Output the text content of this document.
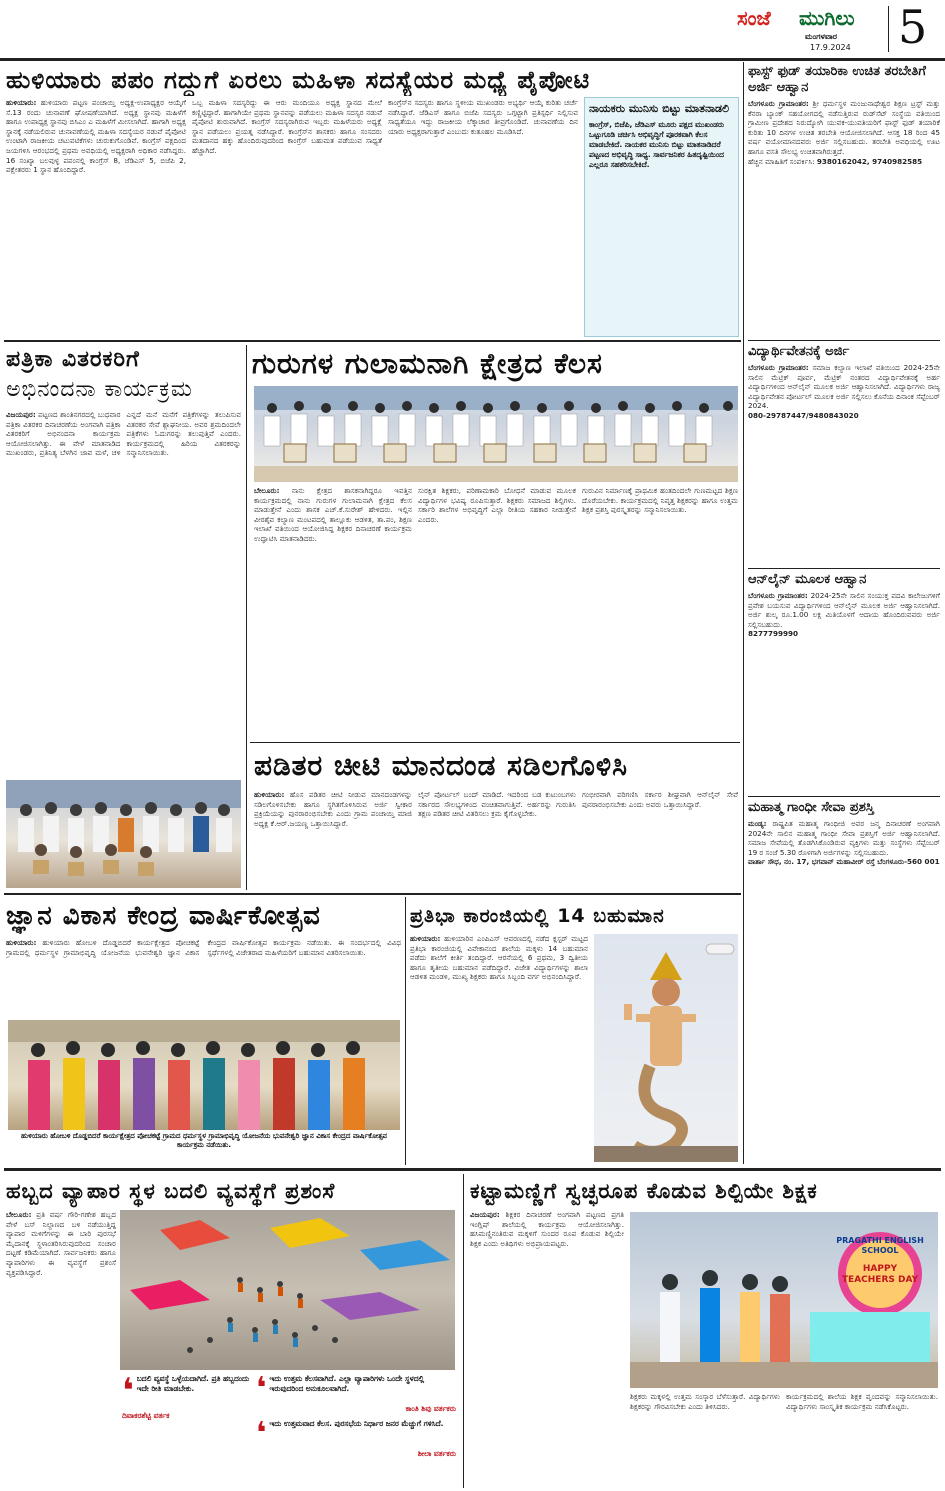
ಸಂಜೆ ಮುಗಿಲು
ಮಂಗಳವಾರ
17.9.2024 5
ಹುಳಿಯಾರು ಪಪಂ ಗದ್ದುಗೆ ಏರಲು ಮಹಿಳಾ ಸದಸ್ಯೆಯರ ಮಧ್ಯೆ ಪೈಪೋಟಿ
ಹುಳಿಯಾರು: ಹುಳಿಯಾರು ಪಟ್ಟಣ ಪಂಚಾಯ್ತಿ ಅಧ್ಯಕ್ಷ-ಉಪಾಧ್ಯಕ್ಷರ ಆಯ್ಕೆಗೆ ಸೆ.13 ರಂದು ಚುನಾವಣೆ ಘೋಷಣೆಯಾಗಿದೆ. ಅಧ್ಯಕ್ಷ ಸ್ಥಾನವು ಮಹಿಳೆಗೆ ಹಾಗೂ ಉಪಾಧ್ಯಕ್ಷ ಸ್ಥಾನವು ಬಿಸಿಎಂ ಎ ಮಹಿಳೆಗೆ ಮೀಸಲಾಗಿದೆ. ಹಾಗಾಗಿ ಅಧ್ಯಕ್ಷ ಸ್ಥಾನಕ್ಕೆ ನಡೆಯಲಿರುವ ಚುನಾವಣೆಯಲ್ಲಿ ಮಹಿಳಾ ಸದಸ್ಯೆಯರ ನಡುವೆ ಪೈಪೋಟಿ ಉಂಟಾಗಿ ರಾಜಕೀಯ ಚಟುವಟಿಕೆಗಳು ಚುರುಕುಗೊಂಡಿವೆ. ಕಾಂಗ್ರೆಸ್ ಪಕ್ಷದಿಂದ ಜಯಗಳಿಸಿ ಆರಂಭದಲ್ಲಿ ಪ್ರಥಮ ಅವಧಿಯಲ್ಲಿ ಅಧ್ಯಕ್ಷರಾಗಿ ಅಧಿಕಾರ ನಡೆಸಿದ್ದರು. 16 ಸಂಖ್ಯಾ ಬಲವುಳ್ಳ ಪಪಂನಲ್ಲಿ ಕಾಂಗ್ರೆಸ್ 8, ಜೆಡಿಎಸ್ 5, ಬಿಜೆಪಿ 2, ಪಕ್ಷೇತರರು 1 ಸ್ಥಾನ ಹೊಂದಿದ್ದಾರೆ.
ಒಬ್ಬ ಮಹಿಳಾ ಸದಸ್ಯರಿದ್ದು ಈ ಆರು ಮಂದಿಯೂ ಅಧ್ಯಕ್ಷ ಸ್ಥಾನದ ಮೇಲೆ ಕಣ್ಣಿಟ್ಟಿದ್ದಾರೆ. ಹಾಗಾಗಿಯೇ ಪ್ರಥಮ ಸ್ಥಾನವನ್ನು ಪಡೆಯಲು ಮಹಿಳಾ ಸದಸ್ಯರ ನಡುವೆ ಪೈಪೋಟಿ ಶುರುವಾಗಿದೆ. ಕಾಂಗ್ರೆಸ್ ಸದಸ್ಯರಾಗಿರುವ ಇಬ್ಬರು ಮಹಿಳೆಯರು ಅಧ್ಯಕ್ಷೆ ಸ್ಥಾನ ಪಡೆಯಲು ಪ್ರಯತ್ನ ನಡೆಸಿದ್ದಾರೆ. ಕಾಂಗ್ರೆಸ್‌ನ ಶಾಸಕರು ಹಾಗೂ ಸಂಸದರು ಮತದಾನದ ಹಕ್ಕು ಹೊಂದಿರುವುದರಿಂದ ಕಾಂಗ್ರೆಸ್ ಬಹುಮತ ಪಡೆಯುವ ಸಾಧ್ಯತೆ ಹೆಚ್ಚಾಗಿದೆ.
ಕಾಂಗ್ರೆಸ್‌ನ ಸದಸ್ಯರು ಹಾಗೂ ಸ್ಥಳೀಯ ಮುಖಂಡರು ಅಭ್ಯರ್ಥಿ ಆಯ್ಕೆ ಕುರಿತು ಚರ್ಚೆ ನಡೆಸಿದ್ದಾರೆ. ಜೆಡಿಎಸ್ ಹಾಗೂ ಬಿಜೆಪಿ ಸದಸ್ಯರು ಒಗ್ಗಟ್ಟಾಗಿ ಪ್ರತಿಸ್ಪರ್ಧಿ ನಿಲ್ಲಿಸುವ ಸಾಧ್ಯತೆಯೂ ಇದ್ದು ರಾಜಕೀಯ ಲೆಕ್ಕಾಚಾರ ತೀವ್ರಗೊಂಡಿದೆ. ಚುನಾವಣೆಯ ದಿನ ಯಾರು ಅಧ್ಯಕ್ಷರಾಗುತ್ತಾರೆ ಎಂಬುದು ಕುತೂಹಲ ಮೂಡಿಸಿದೆ.
ನಾಯಕರು ಮುನಿಸು ಬಿಟ್ಟು ಮಾತನಾಡಲಿ
ಕಾಂಗ್ರೆಸ್, ಬಿಜೆಪಿ, ಜೆಡಿಎಸ್ ಮೂರು ಪಕ್ಷದ ಮುಖಂಡರು ಒಟ್ಟುಗೂಡಿ ಚರ್ಚಿಸಿ ಅಭಿವೃದ್ಧಿಗೆ ಪೂರಕವಾಗಿ ಕೆಲಸ ಮಾಡಬೇಕಿದೆ. ನಾಯಕರ ಮುನಿಸು ಬಿಟ್ಟು ಮಾತನಾಡಿದರೆ ಪಟ್ಟಣದ ಅಭಿವೃದ್ಧಿ ಸಾಧ್ಯ. ಸಾರ್ವಜನಿಕರ ಹಿತದೃಷ್ಟಿಯಿಂದ ಎಲ್ಲರೂ ಸಹಕರಿಸಬೇಕಿದೆ.
ಫಾಸ್ಟ್ ಫುಡ್ ತಯಾರಿಕಾ ಉಚಿತ ತರಬೇತಿಗೆ ಅರ್ಜಿ ಆಹ್ವಾನ
ಬೆಂಗಳೂರು ಗ್ರಾಮಾಂತರ: ಶ್ರೀ ಧರ್ಮಸ್ಥಳ ಮಂಜುನಾಥೇಶ್ವರ ಶಿಕ್ಷಣ ಟ್ರಸ್ಟ್ ಮತ್ತು ಕೆನರಾ ಬ್ಯಾಂಕ್ ಸಹಯೋಗದಲ್ಲಿ ನಡೆಸುತ್ತಿರುವ ರುಡ್‌ಸೆಟ್ ಸಂಸ್ಥೆಯ ವತಿಯಿಂದ ಗ್ರಾಮೀಣ ಪ್ರದೇಶದ ನಿರುದ್ಯೋಗಿ ಯುವಕ-ಯುವತಿಯರಿಗೆ ಫಾಸ್ಟ್ ಫುಡ್ ತಯಾರಿಕೆ ಕುರಿತು 10 ದಿನಗಳ ಉಚಿತ ತರಬೇತಿ ಆಯೋಜಿಸಲಾಗಿದೆ. ಆಸಕ್ತ 18 ರಿಂದ 45 ವರ್ಷ ವಯೋಮಾನದವರು ಅರ್ಜಿ ಸಲ್ಲಿಸಬಹುದು. ತರಬೇತಿ ಅವಧಿಯಲ್ಲಿ ಊಟ ಹಾಗೂ ವಸತಿ ಸೌಲಭ್ಯ ಉಚಿತವಾಗಿರುತ್ತದೆ.

ಹೆಚ್ಚಿನ ಮಾಹಿತಿಗೆ ಸಂಪರ್ಕಿಸಿ: 9380162042, 9740982585

ವಿದ್ಯಾರ್ಥಿವೇತನಕ್ಕೆ ಅರ್ಜಿ
ಬೆಂಗಳೂರು ಗ್ರಾಮಾಂತರ: ಸಮಾಜ ಕಲ್ಯಾಣ ಇಲಾಖೆ ವತಿಯಿಂದ 2024-25ನೇ ಸಾಲಿನ ಮೆಟ್ರಿಕ್ ಪೂರ್ವ, ಮೆಟ್ರಿಕ್ ನಂತರದ ವಿದ್ಯಾರ್ಥಿವೇತನಕ್ಕೆ ಅರ್ಹ ವಿದ್ಯಾರ್ಥಿಗಳಿಂದ ಆನ್‌ಲೈನ್ ಮೂಲಕ ಅರ್ಜಿ ಆಹ್ವಾನಿಸಲಾಗಿದೆ. ವಿದ್ಯಾರ್ಥಿಗಳು ರಾಜ್ಯ ವಿದ್ಯಾರ್ಥಿವೇತನ ಪೋರ್ಟಲ್ ಮೂಲಕ ಅರ್ಜಿ ಸಲ್ಲಿಸಲು ಕೊನೆಯ ದಿನಾಂಕ ಸೆಪ್ಟೆಂಬರ್ 2024.

080-29787447/9480843020

ಆನ್‌ಲೈನ್ ಮೂಲಕ ಆಹ್ವಾನ
ಬೆಂಗಳೂರು ಗ್ರಾಮಾಂತರ: 2024-25ನೇ ಸಾಲಿನ ಸಂಯುಕ್ತ ಪದವಿ ಕಾಲೇಜುಗಳಿಗೆ ಪ್ರವೇಶ ಬಯಸುವ ವಿದ್ಯಾರ್ಥಿಗಳಿಂದ ಆನ್‌ಲೈನ್ ಮೂಲಕ ಅರ್ಜಿ ಆಹ್ವಾನಿಸಲಾಗಿದೆ. ಅರ್ಜಿ ಶುಲ್ಕ ರೂ.1.00 ಲಕ್ಷ ಮಿತಿಯೊಳಗೆ ಆದಾಯ ಹೊಂದಿರುವವರು ಅರ್ಜಿ ಸಲ್ಲಿಸಬಹುದು.

8277799990

ಮಹಾತ್ಮ ಗಾಂಧೀ ಸೇವಾ ಪ್ರಶಸ್ತಿ
ಮಂಡ್ಯ: ರಾಷ್ಟ್ರಪಿತ ಮಹಾತ್ಮ ಗಾಂಧೀಜಿ ಅವರ ಜನ್ಮ ದಿನಾಚರಣೆ ಅಂಗವಾಗಿ 2024ನೇ ಸಾಲಿನ ಮಹಾತ್ಮ ಗಾಂಧೀ ಸೇವಾ ಪ್ರಶಸ್ತಿಗೆ ಅರ್ಜಿ ಆಹ್ವಾನಿಸಲಾಗಿದೆ. ಸಮಾಜ ಸೇವೆಯಲ್ಲಿ ತೊಡಗಿಸಿಕೊಂಡಿರುವ ವ್ಯಕ್ತಿಗಳು ಮತ್ತು ಸಂಸ್ಥೆಗಳು ಸೆಪ್ಟೆಂಬರ್ 19 ರ ಸಂಜೆ 5.30 ರೊಳಗಾಗಿ ಅರ್ಜಿಗಳನ್ನು ಸಲ್ಲಿಸಬಹುದು.

ವಾರ್ತಾ ಸೌಧ, ನಂ. 17, ಭಗವಾನ್ ಮಹಾವೀರ್ ರಸ್ತೆ ಬೆಂಗಳೂರು-560 001

ಪತ್ರಿಕಾ ವಿತರಕರಿಗೆ
ಅಭಿನಂದನಾ ಕಾರ್ಯಕ್ರಮ
ವಿಜಯಪುರ: ಪಟ್ಟಣದ ಶಾಂತಿನಗರದಲ್ಲಿ ಬುಧವಾರ ಪತ್ರಿಕಾ ವಿತರಕರ ದಿನಾಚರಣೆಯ ಅಂಗವಾಗಿ ಪತ್ರಿಕಾ ವಿತರಕರಿಗೆ ಅಭಿನಂದನಾ ಕಾರ್ಯಕ್ರಮ ಆಯೋಜಿಸಲಾಗಿತ್ತು. ಈ ವೇಳೆ ಮಾತನಾಡಿದ ಮುಖಂಡರು, ಪ್ರತಿನಿತ್ಯ ಬೆಳಗಿನ ಜಾವ ಮಳೆ, ಚಳಿ ಎನ್ನದೆ ಮನೆ ಮನೆಗೆ ಪತ್ರಿಕೆಗಳನ್ನು ತಲುಪಿಸುವ ವಿತರಕರ ಸೇವೆ ಶ್ಲಾಘನೀಯ. ಅವರ ಶ್ರಮದಿಂದಲೇ ಪತ್ರಿಕೆಗಳು ಓದುಗರನ್ನು ತಲುಪುತ್ತಿವೆ ಎಂದರು. ಕಾರ್ಯಕ್ರಮದಲ್ಲಿ ಹಿರಿಯ ವಿತರಕರನ್ನು ಸನ್ಮಾನಿಸಲಾಯಿತು.
ಗುರುಗಳ ಗುಲಾಮನಾಗಿ ಕ್ಷೇತ್ರದ ಕೆಲಸ
ಬೇಲೂರು: ನಾನು ಕ್ಷೇತ್ರದ ಶಾಸಕನಾಗಿದ್ದರೂ ಇವತ್ತಿನ ಕಾರ್ಯಕ್ರಮದಲ್ಲಿ ನಾನು ಗುರುಗಳ ಗುಲಾಮನಾಗಿ ಕ್ಷೇತ್ರದ ಕೆಲಸ ಮಾಡುತ್ತೇನೆ ಎಂದು ಶಾಸಕ ಎಚ್.ಕೆ.ಸುರೇಶ್ ಹೇಳಿದರು. ಇಲ್ಲಿನ ವೀರಶೈವ ಕಲ್ಯಾಣ ಮಂಟಪದಲ್ಲಿ ತಾಲ್ಲೂಕು ಆಡಳಿತ, ತಾ.ಪಂ, ಶಿಕ್ಷಣ ಇಲಾಖೆ ವತಿಯಿಂದ ಆಯೋಜಿಸಿದ್ದ ಶಿಕ್ಷಕರ ದಿನಾಚರಣೆ ಕಾರ್ಯಕ್ರಮ ಉದ್ಘಾಟಿಸಿ ಮಾತನಾಡಿದರು.
ಸುರಕ್ಷಿತ ಶಿಕ್ಷಕರು, ಪರಿಣಾಮಕಾರಿ ಬೋಧನೆ ಮಾಡುವ ಮೂಲಕ ವಿದ್ಯಾರ್ಥಿಗಳ ಭವಿಷ್ಯ ರೂಪಿಸುತ್ತಾರೆ. ಶಿಕ್ಷಕರು ಸಮಾಜದ ಶಿಲ್ಪಿಗಳು. ಸರ್ಕಾರಿ ಶಾಲೆಗಳ ಅಭಿವೃದ್ಧಿಗೆ ಎಲ್ಲಾ ರೀತಿಯ ಸಹಕಾರ ನೀಡುತ್ತೇನೆ ಎಂದರು.
ಗುರುವಿನ ನಿರ್ಮಾಣಕ್ಕೆ ಪ್ರಾಥಮಿಕ ಹಂತದಿಂದಲೇ ಗುಣಮಟ್ಟದ ಶಿಕ್ಷಣ ದೊರೆಯಬೇಕು. ಕಾರ್ಯಕ್ರಮದಲ್ಲಿ ನಿವೃತ್ತ ಶಿಕ್ಷಕರನ್ನು ಹಾಗೂ ಉತ್ತಮ ಶಿಕ್ಷಕ ಪ್ರಶಸ್ತಿ ಪುರಸ್ಕೃತರನ್ನು ಸನ್ಮಾನಿಸಲಾಯಿತು.
ಪಡಿತರ ಚೀಟಿ ಮಾನದಂಡ ಸಡಿಲಗೊಳಿಸಿ
ಹುಳಿಯಾರು: ಹೊಸ ಪಡಿತರ ಚೀಟಿ ನೀಡುವ ಮಾನದಂಡಗಳನ್ನು ಸಡಿಲಗೊಳಿಸಬೇಕು ಹಾಗೂ ಸ್ಥಗಿತಗೊಳಿಸಿರುವ ಅರ್ಜಿ ಸ್ವೀಕಾರ ಪ್ರಕ್ರಿಯೆಯನ್ನು ಪುನರಾರಂಭಿಸಬೇಕು ಎಂದು ಗ್ರಾಮ ಪಂಚಾಯ್ತಿ ಮಾಜಿ ಅಧ್ಯಕ್ಷ ಕೆ.ಆರ್.ಜಯಣ್ಣ ಒತ್ತಾಯಿಸಿದ್ದಾರೆ.
ಲೈನ್ ಪೋರ್ಟಲ್ ಬಂದ್ ಮಾಡಿದೆ. ಇದರಿಂದ ಬಡ ಕುಟುಂಬಗಳು ಸರ್ಕಾರದ ಸೌಲಭ್ಯಗಳಿಂದ ವಂಚಿತವಾಗುತ್ತಿವೆ. ಅರ್ಹರನ್ನು ಗುರುತಿಸಿ ತಕ್ಷಣ ಪಡಿತರ ಚೀಟಿ ವಿತರಿಸಲು ಕ್ರಮ ಕೈಗೊಳ್ಳಬೇಕು.
ಗಂಭೀರವಾಗಿ ಪರಿಗಣಿಸಿ ಸರ್ಕಾರ ಶೀಘ್ರವಾಗಿ ಆನ್‌ಲೈನ್ ಸೇವೆ ಪುನರಾರಂಭಿಸಬೇಕು ಎಂದು ಅವರು ಒತ್ತಾಯಿಸಿದ್ದಾರೆ.
ಜ್ಞಾನ ವಿಕಾಸ ಕೇಂದ್ರ ವಾರ್ಷಿಕೋತ್ಸವ
ಹುಳಿಯಾರು: ಹುಳಿಯಾರು ಹೋಬಳಿ ದೊಡ್ಡಬಿದರೆ ಕಾರ್ಯಕ್ಷೇತ್ರದ ಪೋಚಕಟ್ಟೆ ಗ್ರಾಮದಲ್ಲಿ ಧರ್ಮಸ್ಥಳ ಗ್ರಾಮಾಭಿವೃದ್ಧಿ ಯೋಜನೆಯ ಭುವನೇಶ್ವರಿ ಜ್ಞಾನ ವಿಕಾಸ ಕೇಂದ್ರದ ವಾರ್ಷಿಕೋತ್ಸವ ಕಾರ್ಯಕ್ರಮ ನಡೆಯಿತು. ಈ ಸಂದರ್ಭದಲ್ಲಿ ವಿವಿಧ ಸ್ಪರ್ಧೆಗಳಲ್ಲಿ ವಿಜೇತರಾದ ಮಹಿಳೆಯರಿಗೆ ಬಹುಮಾನ ವಿತರಿಸಲಾಯಿತು.
ಹುಳಿಯಾರು ಹೋಬಳಿ ದೊಡ್ಡಬಿದರೆ ಕಾರ್ಯಕ್ಷೇತ್ರದ ಪೋಚಕಟ್ಟೆ ಗ್ರಾಮದ ಧರ್ಮಸ್ಥಳ ಗ್ರಾಮಾಭಿವೃದ್ಧಿ ಯೋಜನೆಯ ಭುವನೇಶ್ವರಿ ಜ್ಞಾನ ವಿಕಾಸ ಕೇಂದ್ರದ ವಾರ್ಷಿಕೋತ್ಸವ ಕಾರ್ಯಕ್ರಮ ನಡೆಯಿತು.
ಪ್ರತಿಭಾ ಕಾರಂಜಿಯಲ್ಲಿ 14 ಬಹುಮಾನ
ಹುಳಿಯಾರು: ಹುಳಿಯಾರಿನ ಎಂಪಿಎಸ್ ಆವರಣದಲ್ಲಿ ನಡೆದ ಕ್ಲಸ್ಟರ್ ಮಟ್ಟದ ಪ್ರತಿಭಾ ಕಾರಂಜಿಯಲ್ಲಿ ವಿವೇಕಾನಂದ ಶಾಲೆಯ ಮಕ್ಕಳು 14 ಬಹುಮಾನ ಪಡೆದು ಶಾಲೆಗೆ ಕೀರ್ತಿ ತಂದಿದ್ದಾರೆ. ಆರನೆಯಲ್ಲಿ 6 ಪ್ರಥಮ, 3 ದ್ವಿತೀಯ ಹಾಗೂ ತೃತೀಯ ಬಹುಮಾನ ಪಡೆದಿದ್ದಾರೆ. ವಿಜೇತ ವಿದ್ಯಾರ್ಥಿಗಳನ್ನು ಶಾಲಾ ಆಡಳಿತ ಮಂಡಳಿ, ಮುಖ್ಯ ಶಿಕ್ಷಕರು ಹಾಗೂ ಸಿಬ್ಬಂದಿ ವರ್ಗ ಅಭಿನಂದಿಸಿದ್ದಾರೆ.
ಹಬ್ಬದ ವ್ಯಾಪಾರ ಸ್ಥಳ ಬದಲಿ ವ್ಯವಸ್ಥೆಗೆ ಪ್ರಶಂಸೆ
ಬೇಲೂರು: ಪ್ರತಿ ವರ್ಷ ಗೌರಿ-ಗಣೇಶ ಹಬ್ಬದ ವೇಳೆ ಬಸ್ ನಿಲ್ದಾಣದ ಬಳಿ ನಡೆಯುತ್ತಿದ್ದ ವ್ಯಾಪಾರ ಮಳಿಗೆಗಳನ್ನು ಈ ಬಾರಿ ಪುರಸಭೆ ಮೈದಾನಕ್ಕೆ ಸ್ಥಳಾಂತರಿಸಿರುವುದರಿಂದ ಸಂಚಾರ ದಟ್ಟಣೆ ಕಡಿಮೆಯಾಗಿದೆ. ಸಾರ್ವಜನಿಕರು ಹಾಗೂ ವ್ಯಾಪಾರಿಗಳು ಈ ವ್ಯವಸ್ಥೆಗೆ ಪ್ರಶಂಸೆ ವ್ಯಕ್ತಪಡಿಸಿದ್ದಾರೆ.
❛ ಬದಲಿ ವ್ಯವಸ್ಥೆ ಒಳ್ಳೆಯದಾಗಿದೆ. ಪ್ರತಿ ಹಬ್ಬದಂದು ಇದೇ ರೀತಿ ಮಾಡಬೇಕು.
ದಿವಾಕರಶೆಟ್ಟಿ ವರ್ತಕ
❛ ಇದು ಉತ್ತಮ ಕೆಲಸವಾಗಿದೆ. ಎಲ್ಲಾ ವ್ಯಾಪಾರಿಗಳು ಒಂದೇ ಸ್ಥಳದಲ್ಲಿ ಇರುವುದರಿಂದ ಅನುಕೂಲವಾಗಿದೆ.
ಕಾಂತಿ ಶಿವು ವರ್ತಕರು
❛ ಇದು ಉತ್ತಮವಾದ ಕೆಲಸ. ಪುರಸಭೆಯ ನಿರ್ಧಾರ ಜನರ ಮೆಚ್ಚುಗೆ ಗಳಿಸಿದೆ.
ಶೀಲಾ ವರ್ತಕರು
ಕಟ್ಟಾಮಣ್ಣಿಗೆ ಸ್ವಚ್ಛರೂಪ ಕೊಡುವ ಶಿಲ್ಪಿಯೇ ಶಿಕ್ಷಕ
ವಿಜಯಪುರ: ಶಿಕ್ಷಕರ ದಿನಾಚರಣೆ ಅಂಗವಾಗಿ ಪಟ್ಟಣದ ಪ್ರಗತಿ ಇಂಗ್ಲಿಷ್ ಶಾಲೆಯಲ್ಲಿ ಕಾರ್ಯಕ್ರಮ ಆಯೋಜಿಸಲಾಗಿತ್ತು. ಹಸಿಮಣ್ಣಿನಂತಿರುವ ಮಕ್ಕಳಿಗೆ ಸುಂದರ ರೂಪ ಕೊಡುವ ಶಿಲ್ಪಿಯೇ ಶಿಕ್ಷಕ ಎಂದು ಅತಿಥಿಗಳು ಅಭಿಪ್ರಾಯಪಟ್ಟರು.	PRAGATHI ENGLISH SCHOOL
HAPPY TEACHERS DAY
ಶಿಕ್ಷಕರು ಮಕ್ಕಳಲ್ಲಿ ಉತ್ತಮ ಸಂಸ್ಕಾರ ಬೆಳೆಸುತ್ತಾರೆ. ವಿದ್ಯಾರ್ಥಿಗಳು ಶಿಕ್ಷಕರನ್ನು ಗೌರವಿಸಬೇಕು ಎಂದು ತಿಳಿಸಿದರು.
ಕಾರ್ಯಕ್ರಮದಲ್ಲಿ ಶಾಲೆಯ ಶಿಕ್ಷಕ ವೃಂದವನ್ನು ಸನ್ಮಾನಿಸಲಾಯಿತು. ವಿದ್ಯಾರ್ಥಿಗಳು ಸಾಂಸ್ಕೃತಿಕ ಕಾರ್ಯಕ್ರಮ ನಡೆಸಿಕೊಟ್ಟರು.
